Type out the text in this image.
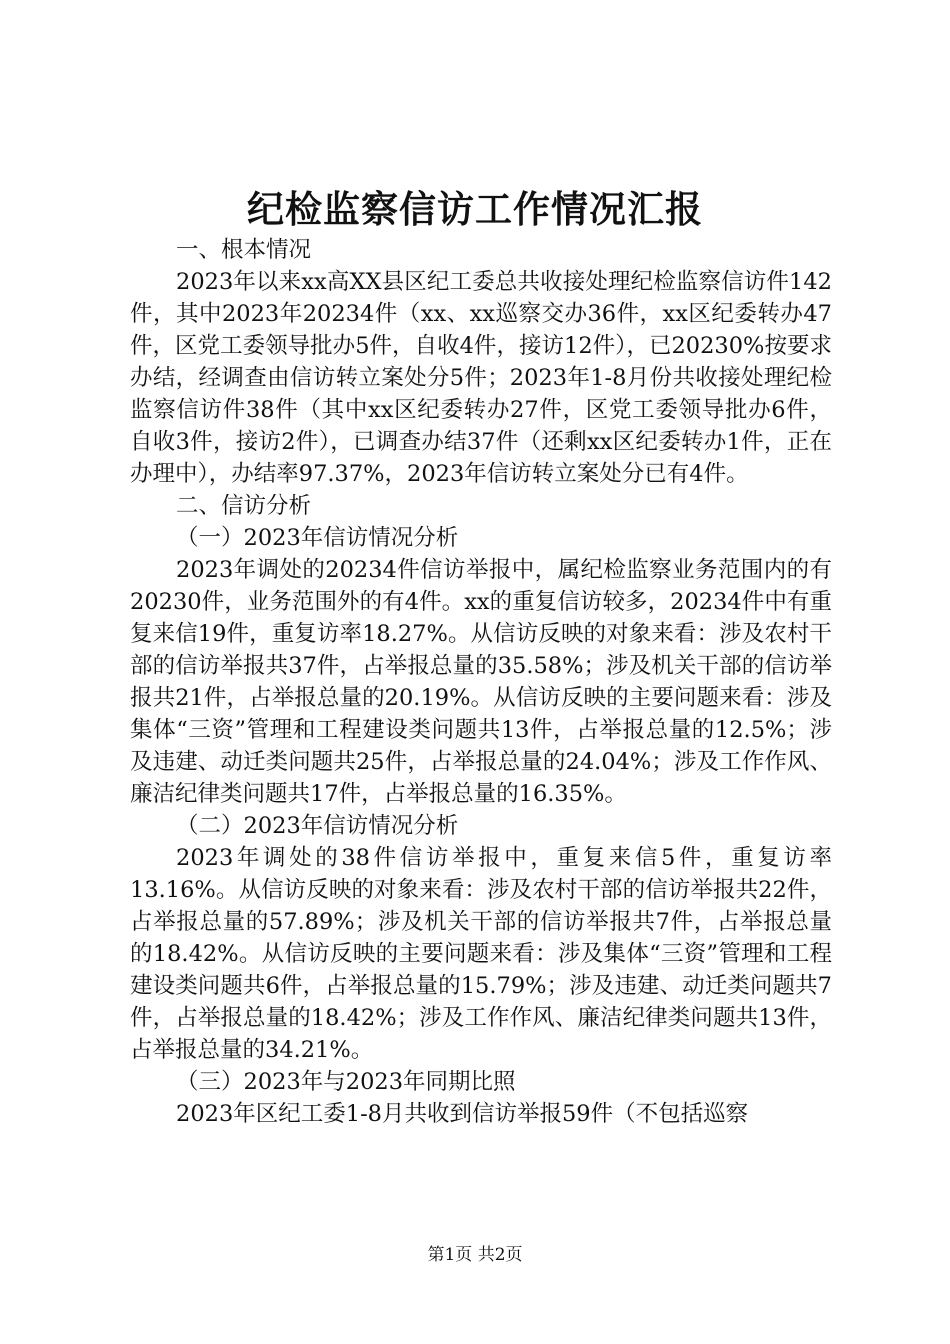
纪检监察信访工作情况汇报

一、根本情况

2023年以来xx高XX县区纪工委总共收接处理纪检监察信访件142件，其中2023年20234件（xx、xx巡察交办36件，xx区纪委转办47件，区党工委领导批办5件，自收4件，接访12件），已20230%按要求办结，经调查由信访转立案处分5件；2023年1-8月份共收接处理纪检监察信访件38件（其中xx区纪委转办27件，区党工委领导批办6件，自收3件，接访2件），已调查办结37件（还剩xx区纪委转办1件，正在办理中），办结率97.37%，2023年信访转立案处分已有4件。

二、信访分析

（一）2023年信访情况分析

2023年调处的20234件信访举报中，属纪检监察业务范围内的有20230件，业务范围外的有4件。xx的重复信访较多，20234件中有重复来信19件，重复访率18.27%。从信访反映的对象来看：涉及农村干部的信访举报共37件，占举报总量的35.58%；涉及机关干部的信访举报共21件，占举报总量的20.19%。从信访反映的主要问题来看：涉及集体“三资”管理和工程建设类问题共13件，占举报总量的12.5%；涉及违建、动迁类问题共25件，占举报总量的24.04%；涉及工作作风、廉洁纪律类问题共17件，占举报总量的16.35%。

（二）2023年信访情况分析

2023年调处的38件信访举报中，重复来信5件，重复访率13.16%。从信访反映的对象来看：涉及农村干部的信访举报共22件，占举报总量的57.89%；涉及机关干部的信访举报共7件，占举报总量的18.42%。从信访反映的主要问题来看：涉及集体“三资”管理和工程建设类问题共6件，占举报总量的15.79%；涉及违建、动迁类问题共7件，占举报总量的18.42%；涉及工作作风、廉洁纪律类问题共13件，占举报总量的34.21%。

（三）2023年与2023年同期比照

2023年区纪工委1-8月共收到信访举报59件（不包括巡察

第1页 共2页
